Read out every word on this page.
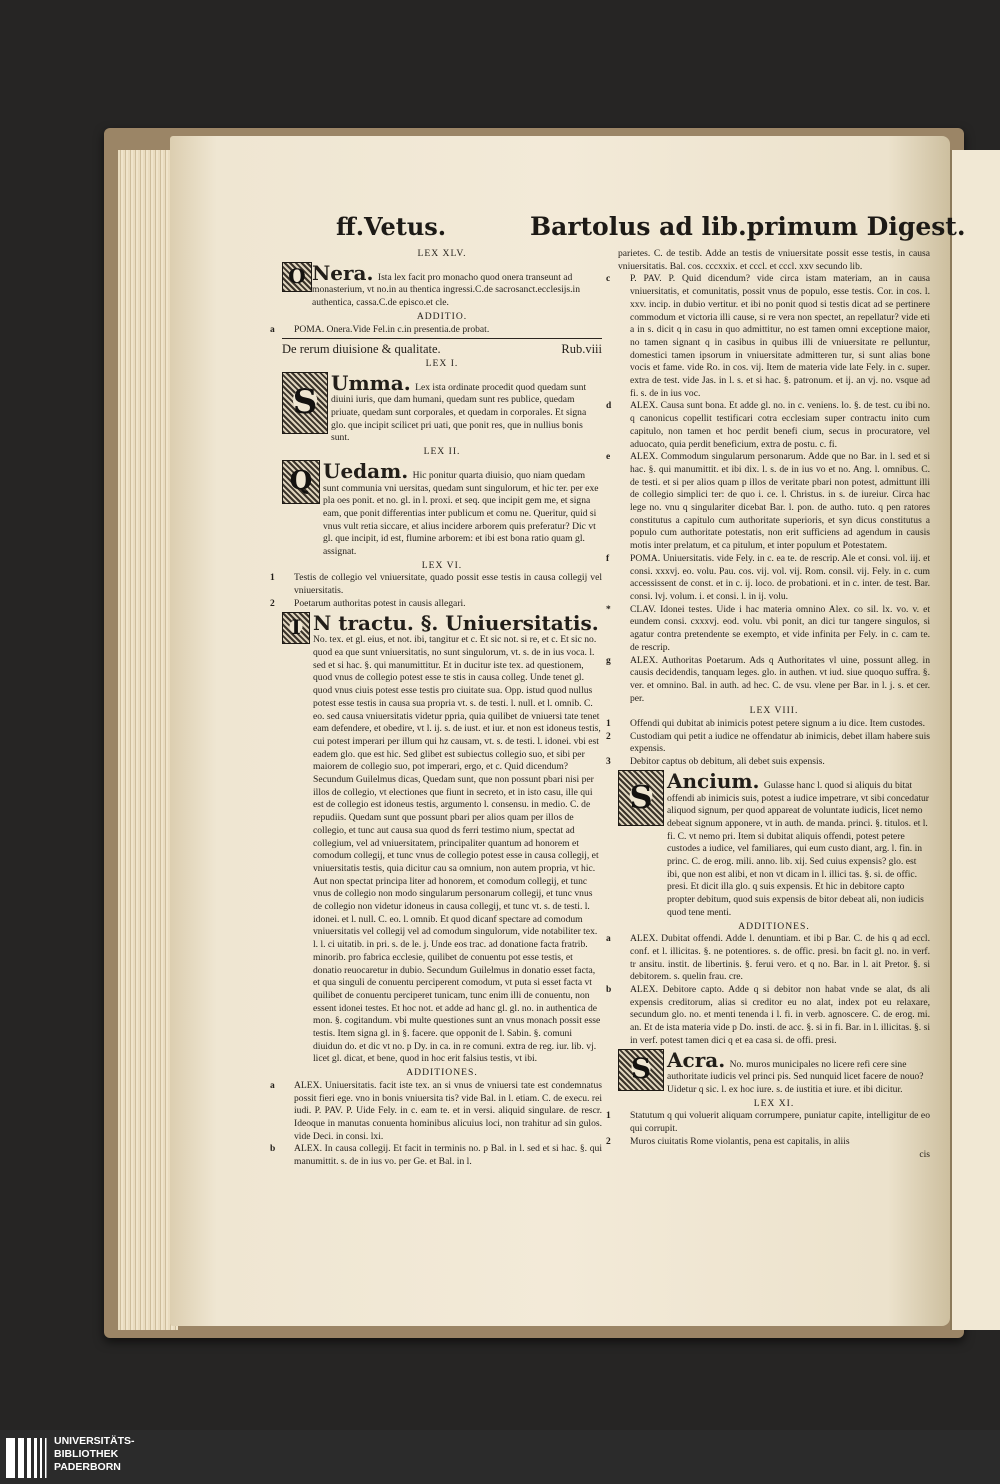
ff.Vetus.	Bartolus ad lib.primum Digest.
LEX XLV.
O Nera. Ista lex facit pro monacho quod onera transeunt ad monasterium, vt no.in au thentica ingressi.C.de sacrosanct.ecclesijs.in authentica, cassa.C.de episco.et cle.
ADDITIO.

a POMA. Onera.Vide Fel.in c.in presentia.de probat.

Rub.viii
De rerum diuisione & qualitate.
LEX I.
S Umma. Lex ista ordinate procedit quod quedam sunt diuini iuris, que dam humani, quedam sunt res publice, quedam priuate, quedam sunt corporales, et quedam in corporales. Et signa glo. que incipit scilicet pri uati, que ponit res, que in nullius bonis sunt.
LEX II.
Q Uedam. Hic ponitur quarta diuisio, quo niam quedam sunt communia vni uersitas, quedam sunt singulorum, et hic ter. per exe pla oes ponit. et no. gl. in l. proxi. et seq. que incipit gem me, et signa eam, que ponit differentias inter publicum et comu ne. Queritur, quid si vnus vult retia siccare, et alius incidere arborem quis preferatur? Dic vt gl. que incipit, id est, flumine arborem: et ibi est bona ratio quam gl. assignat.
LEX VI.

1 Testis de collegio vel vniuersitate, quado possit esse testis in causa collegij vel vniuersitatis.

2 Poetarum authoritas potest in causis allegari.

I N tractu. §. Uniuersitatis. No. tex. et gl. eius, et not. ibi, tangitur et c. Et sic not. si re, et c. Et sic no. quod ea que sunt vniuersitatis, no sunt singulorum, vt. s. de in ius voca. l. sed et si hac. §. qui manumittitur. Et in ducitur iste tex. ad questionem, quod vnus de collegio potest esse te stis in causa colleg. Unde tenet gl. quod vnus ciuis potest esse testis pro ciuitate sua. Opp. istud quod nullus potest esse testis in causa sua propria vt. s. de testi. l. null. et l. omnib. C. eo. sed causa vniuersitatis videtur ppria, quia quilibet de vniuersi tate tenet eam defendere, et obedire, vt l. ij. s. de iust. et iur. et non est idoneus testis, cui potest imperari per illum qui hz causam, vt. s. de testi. l. idonei. vbi est eadem glo. que est hic. Sed glibet est subiectus collegio suo, et sibi per maiorem de collegio suo, pot imperari, ergo, et c. Quid dicendum? Secundum Guilelmus dicas, Quedam sunt, que non possunt pbari nisi per illos de collegio, vt electiones que fiunt in secreto, et in isto casu, ille qui est de collegio est idoneus testis, argumento l. consensu. in medio. C. de repudiis. Quedam sunt que possunt pbari per alios quam per illos de collegio, et tunc aut causa sua quod ds ferri testimo nium, spectat ad collegium, vel ad vniuersitatem, principaliter quantum ad honorem et comodum collegij, et tunc vnus de collegio potest esse in causa collegij, et vniuersitatis testis, quia dicitur cau sa omnium, non autem propria, vt hic. Aut non spectat principa liter ad honorem, et comodum collegij, et tunc vnus de collegio non modo singularum personarum collegij, et tunc vnus de collegio non videtur idoneus in causa collegij, et tunc vt. s. de testi. l. idonei. et l. null. C. eo. l. omnib. Et quod dicanf spectare ad comodum vniuersitatis vel collegij vel ad comodum singulorum, vide notabiliter tex. l. l. ci uitatib. in pri. s. de le. j. Unde eos trac. ad donatione facta fratrib. minorib. pro fabrica ecclesie, quilibet de conuentu pot esse testis, et donatio reuocaretur in dubio. Secundum Guilelmus in donatio esset facta, et qua singuli de conuentu perciperent comodum, vt puta si esset facta vt quilibet de conuentu perciperet tunicam, tunc enim illi de conuentu, non essent idonei testes. Et hoc not. et adde ad hanc gl. gl. no. in authentica de mon. §. cogitandum. vbi multe questiones sunt an vnus monach possit esse testis. Item signa gl. in §. facere. que opponit de l. Sabin. §. comuni diuidun do. et dic vt no. p Dy. in ca. in re comuni. extra de reg. iur. lib. vj. licet gl. dicat, et bene, quod in hoc erit falsius testis, vt ibi.
ADDITIONES.

a ALEX. Uniuersitatis. facit iste tex. an si vnus de vniuersi tate est condemnatus possit fieri ege. vno in bonis vniuersita tis? vide Bal. in l. etiam. C. de execu. rei iudi. P. PAV. P. Uide Fely. in c. eam te. et in versi. aliquid singulare. de rescr. Ideoque in manutas conuenta hominibus alicuius loci, non trahitur ad sin gulos. vide Deci. in consi. lxi.

b ALEX. In causa collegij. Et facit in terminis no. p Bal. in l. sed et si hac. §. qui manumittit. s. de in ius vo. per Ge. et Bal. in l.

parietes. C. de testib. Adde an testis de vniuersitate possit esse testis, in causa vniuersitatis. Bal. cos. cccxxix. et cccl. et cccl. xxv secundo lib.

c P. PAV. P. Quid dicendum? vide circa istam materiam, an in causa vniuersitatis, et comunitatis, possit vnus de populo, esse testis. Cor. in cos. l. xxv. incip. in dubio vertitur. et ibi no ponit quod si testis dicat ad se pertinere commodum et victoria illi cause, si re vera non spectet, an repellatur? vide eti a in s. dicit q in casu in quo admittitur, no est tamen omni exceptione maior, no tamen signant q in casibus in quibus illi de vniuersitate re pelluntur, domestici tamen ipsorum in vniuersitate admitteren tur, si sunt alias bone vocis et fame. vide Ro. in cos. vij. Item de materia vide late Fely. in c. super. extra de test. vide Jas. in l. s. et si hac. §. patronum. et ij. an vj. no. vsque ad fi. s. de in ius voc.

d ALEX. Causa sunt bona. Et adde gl. no. in c. veniens. lo. §. de test. cu ibi no. q canonicus copellit testificari cotra ecclesiam super contractu inito cum capitulo, non tamen et hoc perdit benefi cium, secus in procuratore, vel aduocato, quia perdit beneficium, extra de postu. c. fi.

e ALEX. Commodum singularum personarum. Adde que no Bar. in l. sed et si hac. §. qui manumittit. et ibi dix. l. s. de in ius vo et no. Ang. l. omnibus. C. de testi. et si per alios quam p illos de veritate pbari non potest, admittunt illi de collegio simplici ter: de quo i. ce. l. Christus. in s. de iureiur. Circa hac lege no. vnu q singulariter dicebat Bar. l. pon. de autho. tuto. q pen ratores constitutus a capitulo cum authoritate superioris, et syn dicus constitutus a populo cum authoritate potestatis, non erit sufficiens ad agendum in causis motis inter prelatum, et ca pitulum, et inter populum et Potestatem.

f POMA. Uniuersitatis. vide Fely. in c. ea te. de rescrip. Ale et consi. vol. iij. et consi. xxxvj. eo. volu. Pau. cos. vij. vol. vij. Rom. consil. vij. Fely. in c. cum accessissent de const. et in c. ij. loco. de probationi. et in c. inter. de test. Bar. consi. lvj. volum. i. et consi. l. in ij. volu.

* CLAV. Idonei testes. Uide i hac materia omnino Alex. co sil. lx. vo. v. et eundem consi. cxxxvj. eod. volu. vbi ponit, an dici tur tangere singulos, si agatur contra pretendente se exempto, et vide infinita per Fely. in c. cam te. de rescrip.

g ALEX. Authoritas Poetarum. Ads q Authoritates vl uine, possunt alleg. in causis decidendis, tanquam leges. glo. in authen. vt iud. siue quoquo suffra. §. ver. et omnino. Bal. in auth. ad hec. C. de vsu. vlene per Bar. in l. j. s. et cer. per.

LEX VIII.

1 Offendi qui dubitat ab inimicis potest petere signum a iu dice. Item custodes.

2 Custodiam qui petit a iudice ne offendatur ab inimicis, debet illam habere suis expensis.

3 Debitor captus ob debitum, ali debet suis expensis.

S Ancium. Gulasse hanc l. quod si aliquis du bitat offendi ab inimicis suis, potest a iudice impetrare, vt sibi concedatur aliquod signum, per quod appareat de voluntate iudicis, licet nemo debeat signum apponere, vt in auth. de manda. princi. §. titulos. et l. fi. C. vt nemo pri. Item si dubitat aliquis offendi, potest petere custodes a iudice, vel familiares, qui eum custo diant, arg. l. fin. in princ. C. de erog. mili. anno. lib. xij. Sed cuius expensis? glo. est ibi, que non est alibi, et non vt dicam in l. illici tas. §. si. de offic. presi. Et dicit illa glo. q suis expensis. Et hic in debitore capto propter debitum, quod suis expensis de bitor debeat ali, non iudicis quod tene menti.
ADDITIONES.

a ALEX. Dubitat offendi. Adde l. denuntiam. et ibi p Bar. C. de his q ad eccl. conf. et l. illicitas. §. ne potentiores. s. de offic. presi. bn facit gl. no. in verf. tr ansitu. instit. de libertinis. §. ferui vero. et q no. Bar. in l. ait Pretor. §. si debitorem. s. quelin frau. cre.

b ALEX. Debitore capto. Adde q si debitor non habat vnde se alat, ds ali expensis creditorum, alias si creditor eu no alat, index pot eu relaxare, secundum glo. no. et menti tenenda i l. fi. in verb. agnoscere. C. de erog. mi. an. Et de ista materia vide p Do. insti. de acc. §. si in fi. Bar. in l. illicitas. §. si in verf. potest tamen dici q et ea casa si. de offi. presi.

S Acra. No. muros municipales no licere refi cere sine authoritate iudicis vel princi pis. Sed nunquid licet facere de nouo? Uidetur q sic. l. ex hoc iure. s. de iustitia et iure. et ibi dicitur.
LEX XI.

1 Statutum q qui voluerit aliquam corrumpere, puniatur capite, intelligitur de eo qui corrupit.

2 Muros ciuitatis Rome violantis, pena est capitalis, in aliis

cis
UNIVERSITÄTS-
BIBLIOTHEK
PADERBORN
